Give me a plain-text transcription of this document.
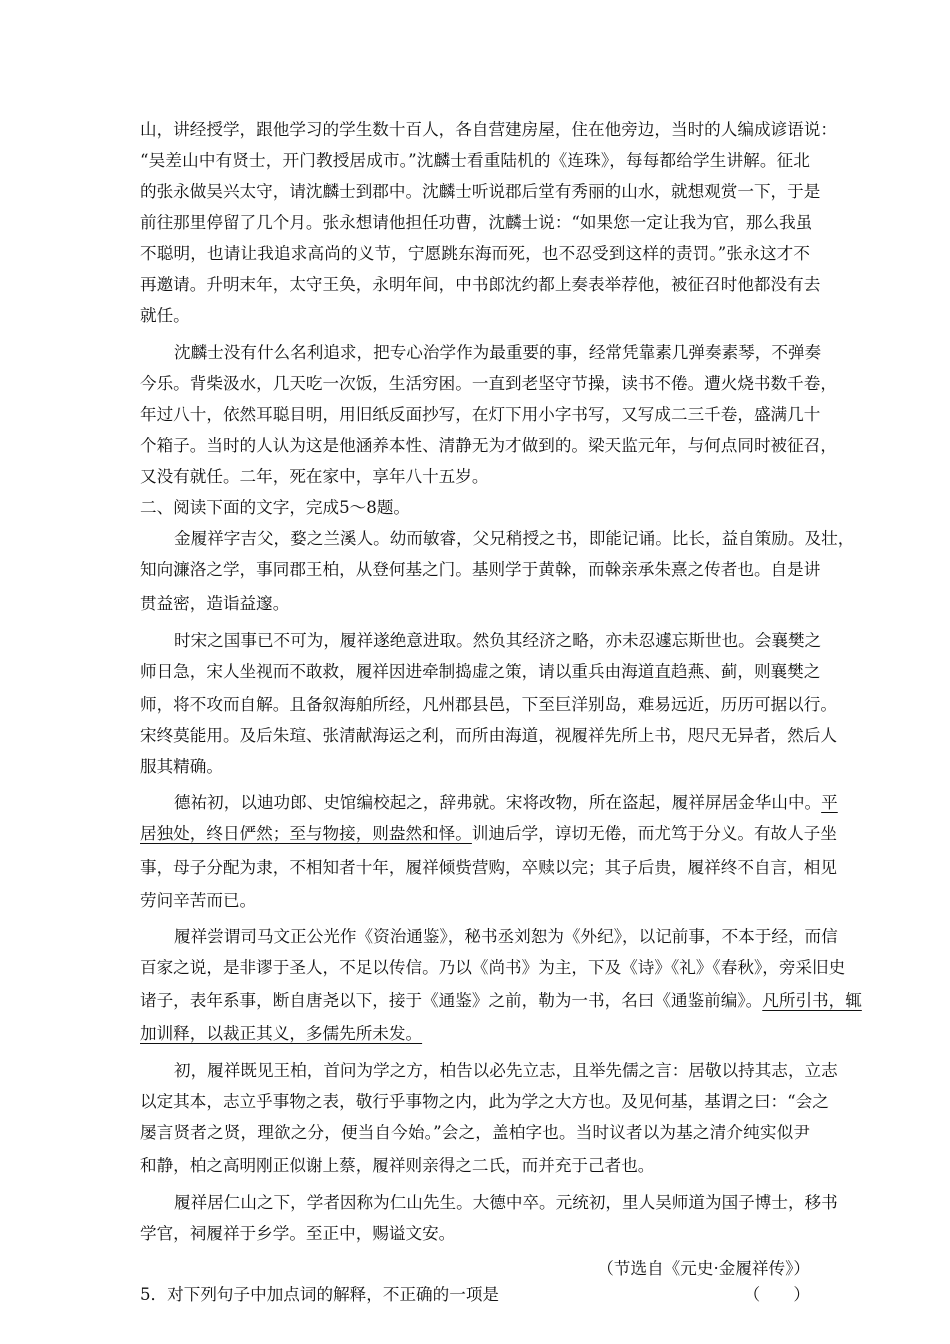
山，讲经授学，跟他学习的学生数十百人，各自营建房屋，住在他旁边，当时的人编成谚语说：
“吴差山中有贤士，开门教授居成市。”沈麟士看重陆机的《连珠》，每每都给学生讲解。征北
的张永做吴兴太守，请沈麟士到郡中。沈麟士听说郡后堂有秀丽的山水，就想观赏一下，于是
前往那里停留了几个月。张永想请他担任功曹，沈麟士说：“如果您一定让我为官，那么我虽
不聪明，也请让我追求高尚的义节，宁愿跳东海而死，也不忍受到这样的责罚。”张永这才不
再邀请。升明末年，太守王奂，永明年间，中书郎沈约都上奏表举荐他，被征召时他都没有去
就任。
沈麟士没有什么名利追求，把专心治学作为最重要的事，经常凭靠素几弹奏素琴，不弹奏
今乐。背柴汲水，几天吃一次饭，生活穷困。一直到老坚守节操，读书不倦。遭火烧书数千卷，
年过八十，依然耳聪目明，用旧纸反面抄写，在灯下用小字书写，又写成二三千卷，盛满几十
个箱子。当时的人认为这是他涵养本性、清静无为才做到的。梁天监元年，与何点同时被征召，
又没有就任。二年，死在家中，享年八十五岁。
二、阅读下面的文字，完成5～8题。
金履祥字吉父，婺之兰溪人。幼而敏睿，父兄稍授之书，即能记诵。比长，益自策励。及壮，
知向濂洛之学，事同郡王柏，从登何基之门。基则学于黄榦，而榦亲承朱熹之传者也。自是讲
贯益密，造诣益邃。
时宋之国事已不可为，履祥遂绝意进取。然负其经济之略，亦未忍遽忘斯世也。会襄樊之
师日急，宋人坐视而不敢救，履祥因进牵制捣虚之策，请以重兵由海道直趋燕、蓟，则襄樊之
师，将不攻而自解。且备叙海舶所经，凡州郡县邑，下至巨洋别岛，难易远近，历历可据以行。
宋终莫能用。及后朱瑄、张清献海运之利，而所由海道，视履祥先所上书，咫尺无异者，然后人
服其精确。
德祐初，以迪功郎、史馆编校起之，辞弗就。宋将改物，所在盗起，履祥屏居金华山中。平
居独处，终日俨然；至与物接，则盎然和怿。训迪后学，谆切无倦，而尤笃于分义。有故人子坐
事，母子分配为隶，不相知者十年，履祥倾赀营购，卒赎以完；其子后贵，履祥终不自言，相见
劳问辛苦而已。
履祥尝谓司马文正公光作《资治通鉴》，秘书丞刘恕为《外纪》，以记前事，不本于经，而信
百家之说，是非谬于圣人，不足以传信。乃以《尚书》为主，下及《诗》《礼》《春秋》，旁采旧史
诸子，表年系事，断自唐尧以下，接于《通鉴》之前，勒为一书，名曰《通鉴前编》。凡所引书，辄
加训释，以裁正其义，多儒先所未发。
初，履祥既见王柏，首问为学之方，柏告以必先立志，且举先儒之言：居敬以持其志，立志
以定其本，志立乎事物之表，敬行乎事物之内，此为学之大方也。及见何基，基谓之曰：“会之
屡言贤者之贤，理欲之分，便当自今始。”会之，盖柏字也。当时议者以为基之清介纯实似尹
和静，柏之高明刚正似谢上蔡，履祥则亲得之二氏，而并充于己者也。
履祥居仁山之下，学者因称为仁山先生。大德中卒。元统初，里人吴师道为国子博士，移书
学官，祠履祥于乡学。至正中，赐谥文安。
（节选自《元史·金履祥传》）
5．对下列句子中加点词的解释，不正确的一项是	（　　）
